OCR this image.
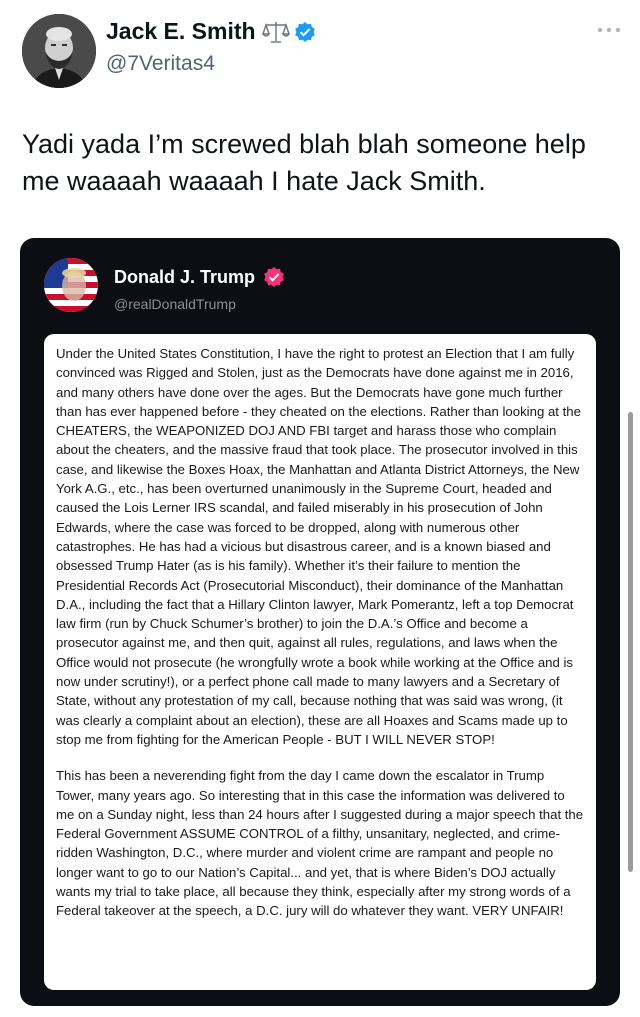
Jack E. Smith
@7Veritas4
Yadi yada I’m screwed blah blah someone help me waaaah waaaah I hate Jack Smith.
Donald J. Trump
@realDonaldTrump

Under the United States Constitution, I have the right to protest an Election that I am fully convinced was Rigged and Stolen, just as the Democrats have done against me in 2016, and many others have done over the ages. But the Democrats have gone much further than has ever happened before - they cheated on the elections. Rather than looking at the CHEATERS, the WEAPONIZED DOJ AND FBI target and harass those who complain about the cheaters, and the massive fraud that took place. The prosecutor involved in this case, and likewise the Boxes Hoax, the Manhattan and Atlanta District Attorneys, the New York A.G., etc., has been overturned unanimously in the Supreme Court, headed and caused the Lois Lerner IRS scandal, and failed miserably in his prosecution of John Edwards, where the case was forced to be dropped, along with numerous other catastrophes. He has had a vicious but disastrous career, and is a known biased and obsessed Trump Hater (as is his family). Whether it’s their failure to mention the Presidential Records Act (Prosecutorial Misconduct), their dominance of the Manhattan D.A., including the fact that a Hillary Clinton lawyer, Mark Pomerantz, left a top Democrat law firm (run by Chuck Schumer’s brother) to join the D.A.’s Office and become a prosecutor against me, and then quit, against all rules, regulations, and laws when the Office would not prosecute (he wrongfully wrote a book while working at the Office and is now under scrutiny!), or a perfect phone call made to many lawyers and a Secretary of State, without any protestation of my call, because nothing that was said was wrong, (it was clearly a complaint about an election), these are all Hoaxes and Scams made up to stop me from fighting for the American People - BUT I WILL NEVER STOP!

This has been a neverending fight from the day I came down the escalator in Trump Tower, many years ago. So interesting that in this case the information was delivered to me on a Sunday night, less than 24 hours after I suggested during a major speech that the Federal Government ASSUME CONTROL of a filthy, unsanitary, neglected, and crime-ridden Washington, D.C., where murder and violent crime are rampant and people no longer want to go to our Nation’s Capital... and yet, that is where Biden’s DOJ actually wants my trial to take place, all because they think, especially after my strong words of a Federal takeover at the speech, a D.C. jury will do whatever they want. VERY UNFAIR!
